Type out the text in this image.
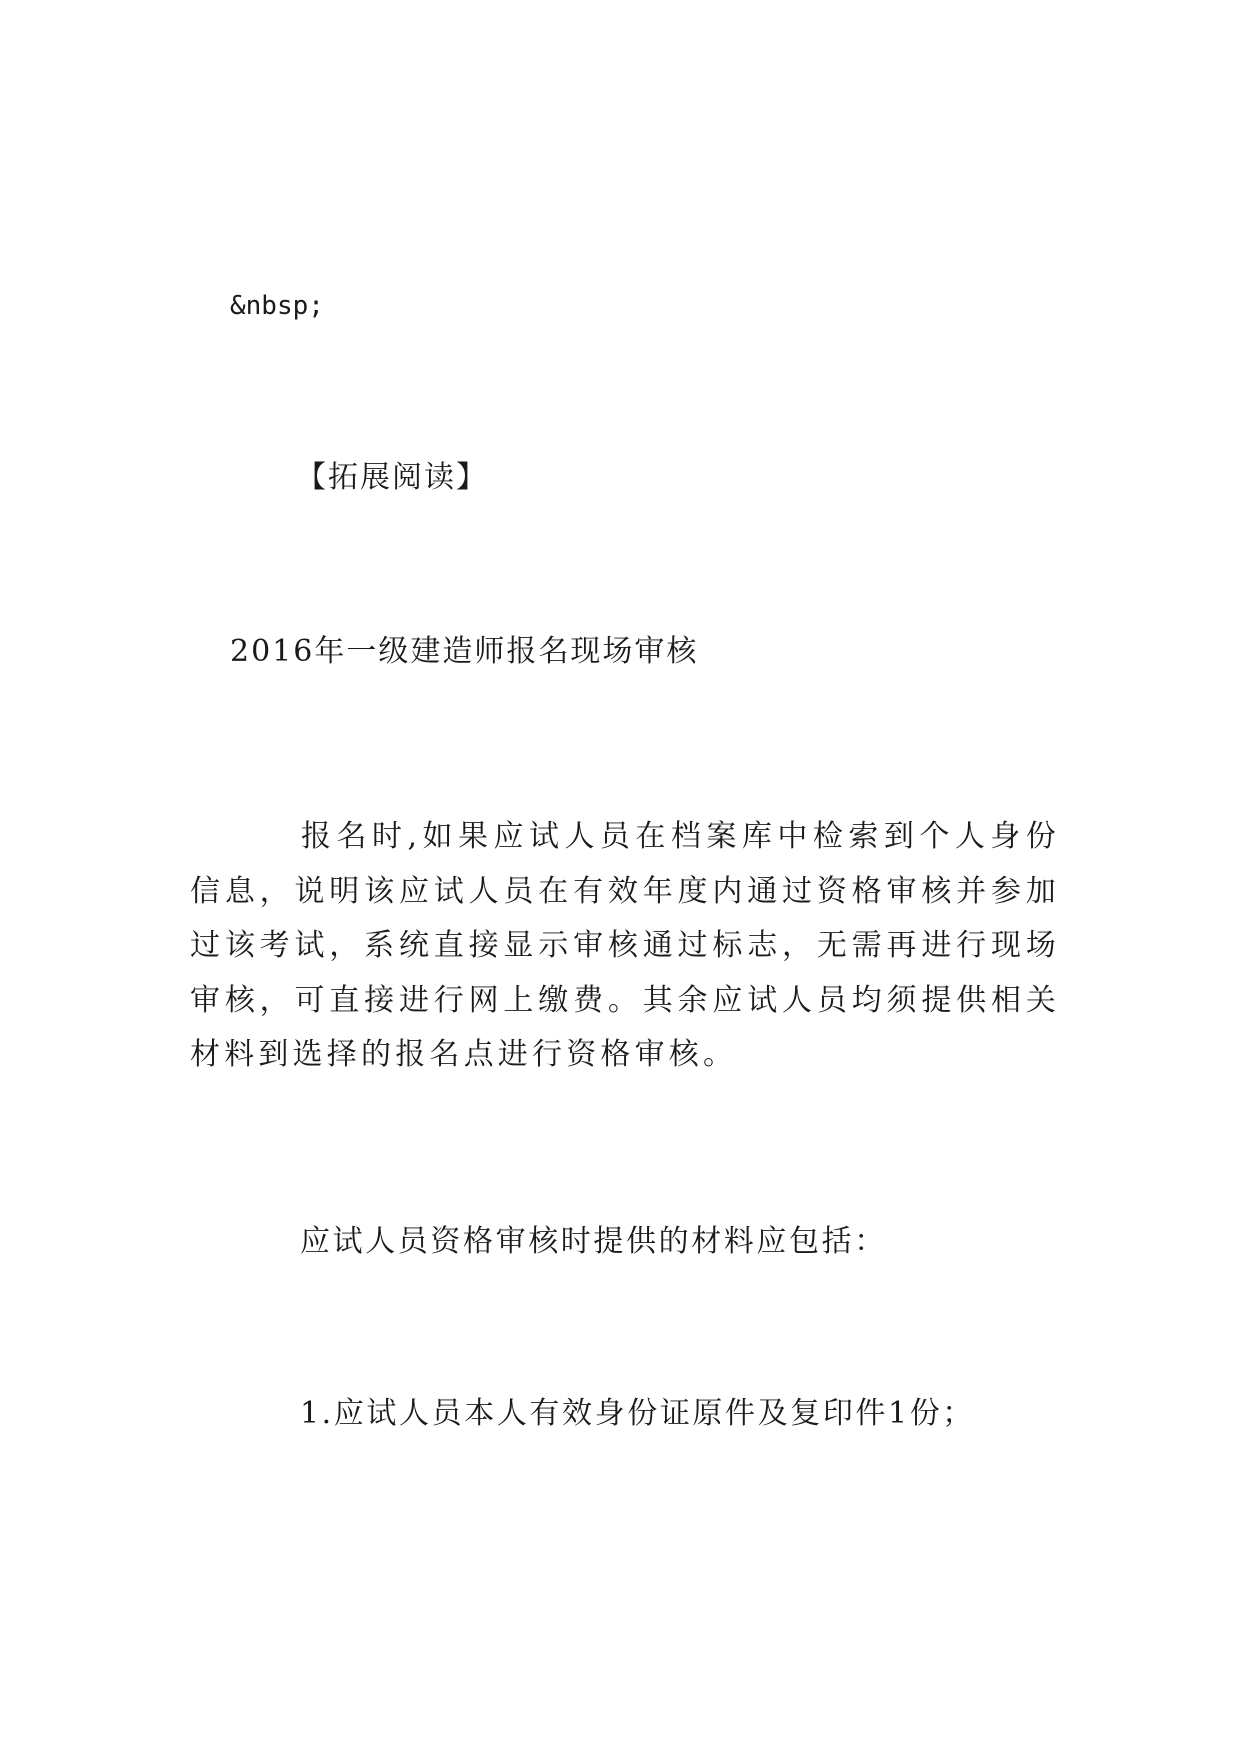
&nbsp;
【拓展阅读】
2016年一级建造师报名现场审核
报名时,如果应试人员在档案库中检索到个人身份信息，说明该应试人员在有效年度内通过资格审核并参加过该考试，系统直接显示审核通过标志，无需再进行现场审核，可直接进行网上缴费。其余应试人员均须提供相关材料到选择的报名点进行资格审核。
应试人员资格审核时提供的材料应包括：
1.应试人员本人有效身份证原件及复印件1份；
